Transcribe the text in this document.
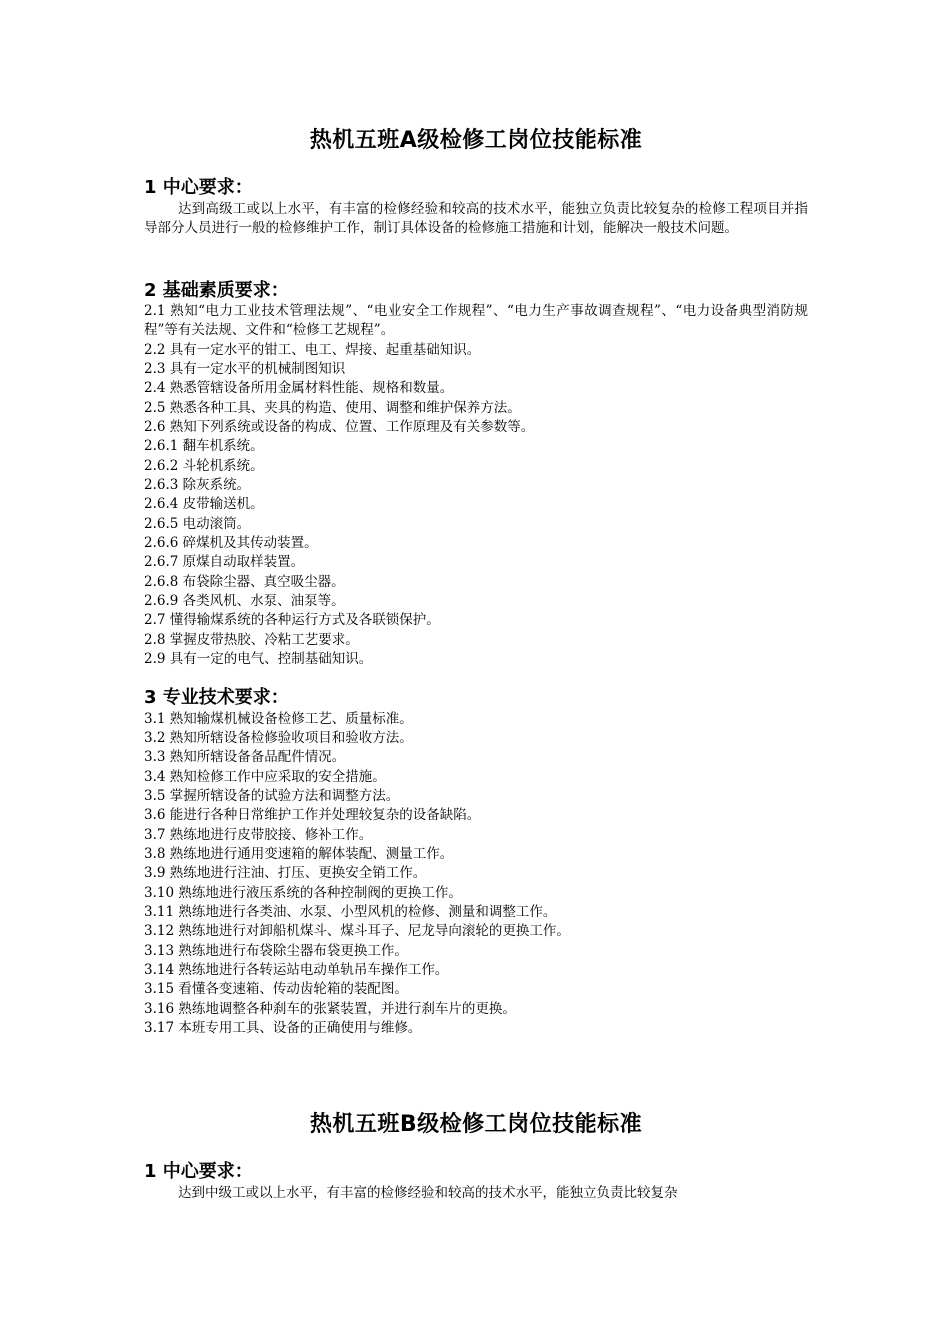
热机五班A级检修工岗位技能标准
1 中心要求：

达到高级工或以上水平，有丰富的检修经验和较高的技术水平，能独立负责比较复杂的检修工程项目并指导部分人员进行一般的检修维护工作，制订具体设备的检修施工措施和计划，能解决一般技术问题。

2 基础素质要求：

2.1 熟知“电力工业技术管理法规”、“电业安全工作规程”、“电力生产事故调查规程”、“电力设备典型消防规程”等有关法规、文件和“检修工艺规程”。

2.2 具有一定水平的钳工、电工、焊接、起重基础知识。

2.3 具有一定水平的机械制图知识

2.4 熟悉管辖设备所用金属材料性能、规格和数量。

2.5 熟悉各种工具、夹具的构造、使用、调整和维护保养方法。

2.6 熟知下列系统或设备的构成、位置、工作原理及有关参数等。

2.6.1 翻车机系统。

2.6.2 斗轮机系统。

2.6.3 除灰系统。

2.6.4 皮带输送机。

2.6.5 电动滚筒。

2.6.6 碎煤机及其传动装置。

2.6.7 原煤自动取样装置。

2.6.8 布袋除尘器、真空吸尘器。

2.6.9 各类风机、水泵、油泵等。

2.7 懂得输煤系统的各种运行方式及各联锁保护。

2.8 掌握皮带热胶、冷粘工艺要求。

2.9 具有一定的电气、控制基础知识。

3 专业技术要求：

3.1 熟知输煤机械设备检修工艺、质量标准。

3.2 熟知所辖设备检修验收项目和验收方法。

3.3 熟知所辖设备备品配件情况。

3.4 熟知检修工作中应采取的安全措施。

3.5 掌握所辖设备的试验方法和调整方法。

3.6 能进行各种日常维护工作并处理较复杂的设备缺陷。

3.7 熟练地进行皮带胶接、修补工作。

3.8 熟练地进行通用变速箱的解体装配、测量工作。

3.9 熟练地进行注油、打压、更换安全销工作。

3.10 熟练地进行液压系统的各种控制阀的更换工作。

3.11 熟练地进行各类油、水泵、小型风机的检修、测量和调整工作。

3.12 熟练地进行对卸船机煤斗、煤斗耳子、尼龙导向滚轮的更换工作。

3.13 熟练地进行布袋除尘器布袋更换工作。

3.14 熟练地进行各转运站电动单轨吊车操作工作。

3.15 看懂各变速箱、传动齿轮箱的装配图。

3.16 熟练地调整各种刹车的张紧装置，并进行刹车片的更换。

3.17 本班专用工具、设备的正确使用与维修。

热机五班B级检修工岗位技能标准
1 中心要求：

达到中级工或以上水平，有丰富的检修经验和较高的技术水平，能独立负责比较复杂
